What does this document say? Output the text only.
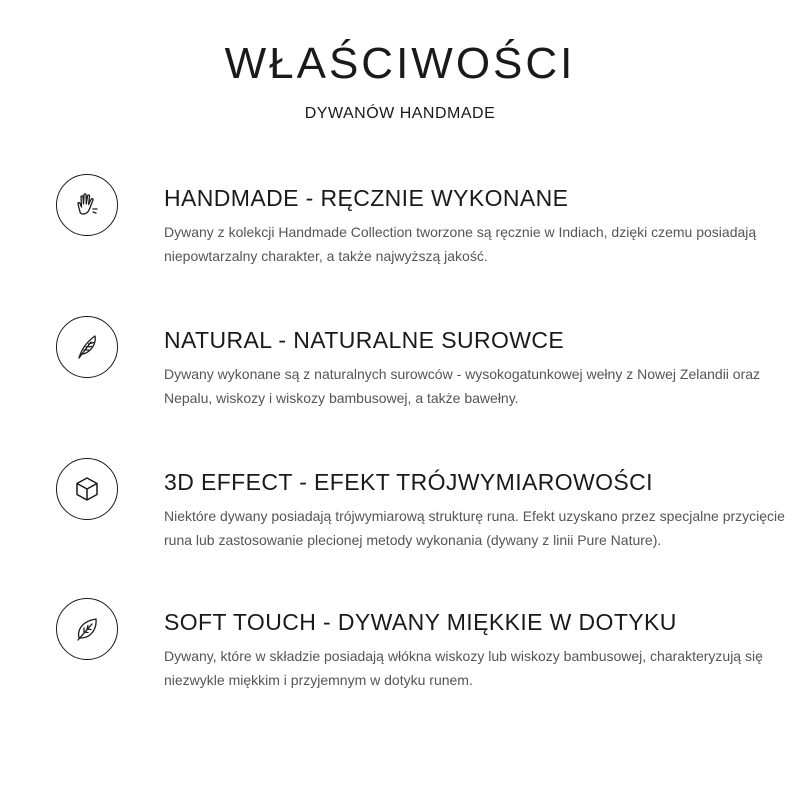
WŁAŚCIWOŚCI
DYWANÓW HANDMADE
HANDMADE - RĘCZNIE WYKONANE
Dywany z kolekcji Handmade Collection tworzone są ręcznie w Indiach, dzięki czemu posiadają niepowtarzalny charakter, a także najwyższą jakość.
NATURAL - NATURALNE SUROWCE
Dywany wykonane są z naturalnych surowców - wysokogatunkowej wełny z Nowej Zelandii oraz Nepalu, wiskozy i wiskozy bambusowej, a także bawełny.
3D EFFECT - EFEKT TRÓJWYMIAROWOŚCI
Niektóre dywany posiadają trójwymiarową strukturę runa. Efekt uzyskano przez specjalne przycięcie runa lub zastosowanie plecionej metody wykonania (dywany z linii Pure Nature).
SOFT TOUCH - DYWANY MIĘKKIE W DOTYKU
Dywany, które w składzie posiadają włókna wiskozy lub wiskozy bambusowej, charakteryzują się niezwykle miękkim i przyjemnym w dotyku runem.
